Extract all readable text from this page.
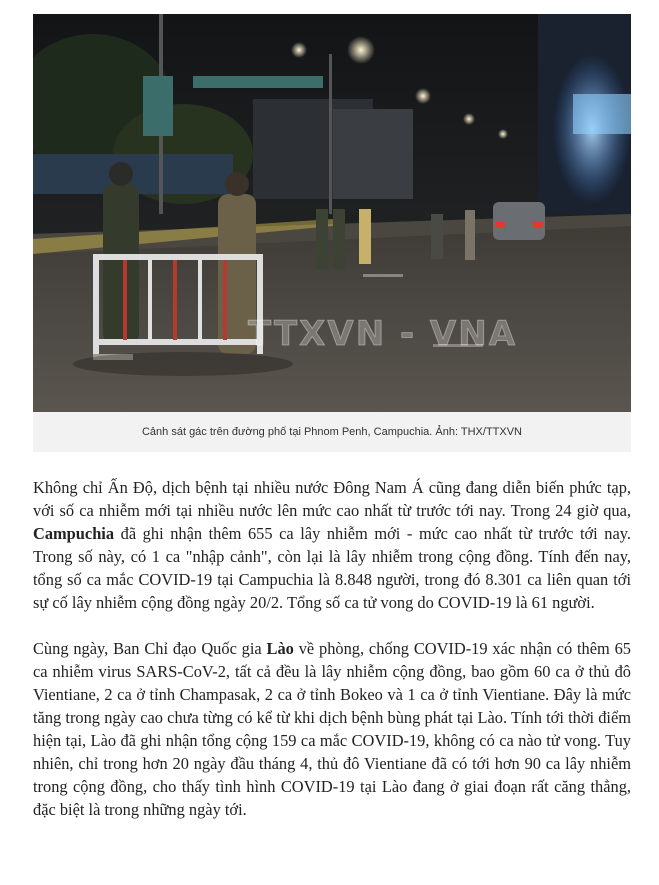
TTXVN - VNA
Cảnh sát gác trên đường phố tại Phnom Penh, Campuchia. Ảnh: THX/TTXVN

Không chỉ Ấn Độ, dịch bệnh tại nhiều nước Đông Nam Á cũng đang diễn biến phức tạp, với số ca nhiễm mới tại nhiều nước lên mức cao nhất từ trước tới nay. Trong 24 giờ qua, Campuchia đã ghi nhận thêm 655 ca lây nhiễm mới - mức cao nhất từ trước tới nay. Trong số này, có 1 ca "nhập cảnh", còn lại là lây nhiễm trong cộng đồng. Tính đến nay, tổng số ca mắc COVID-19 tại Campuchia là 8.848 người, trong đó 8.301 ca liên quan tới sự cố lây nhiễm cộng đồng ngày 20/2. Tổng số ca tử vong do COVID-19 là 61 người.

Cùng ngày, Ban Chỉ đạo Quốc gia Lào về phòng, chống COVID-19 xác nhận có thêm 65 ca nhiễm virus SARS-CoV-2, tất cả đều là lây nhiễm cộng đồng, bao gồm 60 ca ở thủ đô Vientiane, 2 ca ở tỉnh Champasak, 2 ca ở tỉnh Bokeo và 1 ca ở tỉnh Vientiane. Đây là mức tăng trong ngày cao chưa từng có kể từ khi dịch bệnh bùng phát tại Lào. Tính tới thời điểm hiện tại, Lào đã ghi nhận tổng cộng 159 ca mắc COVID-19, không có ca nào tử vong. Tuy nhiên, chỉ trong hơn 20 ngày đầu tháng 4, thủ đô Vientiane đã có tới hơn 90 ca lây nhiễm trong cộng đồng, cho thấy tình hình COVID-19 tại Lào đang ở giai đoạn rất căng thẳng, đặc biệt là trong những ngày tới.
